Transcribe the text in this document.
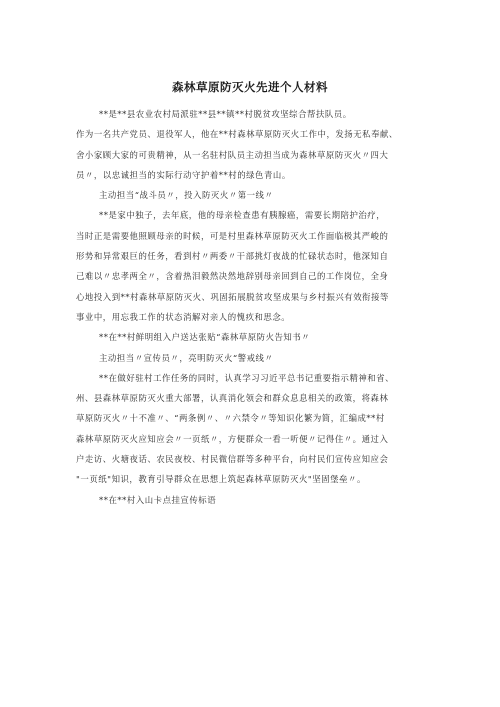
森林草原防灭火先进个人材料

**是**县农业农村局派驻**县**镇**村脱贫攻坚综合帮扶队员。

作为一名共产党员、退役军人，他在**村森林草原防灭火工作中，发扬无私奉献、

舍小家顾大家的可贵精神，从一名驻村队员主动担当成为森林草原防灭火〃四大

员〃，以忠诚担当的实际行动守护着**村的绿色青山。

主动担当“战斗员〃，投入防灭火〃第一线〃

**是家中独子，去年底，他的母亲检查患有胰腺癌，需要长期陪护治疗，

当时正是需要他照顾母亲的时候，可是村里森林草原防灭火工作面临极其严峻的

形势和异常艰巨的任务，看到村〃两委〃干部挑灯夜战的忙碌状态时，他深知自

己难以〃忠孝两全〃，含着热泪毅然决然地辞别母亲回到自己的工作岗位，全身

心地投入到**村森林草原防灭火、巩固拓展脱贫攻坚成果与乡村振兴有效衔接等

事业中，用忘我工作的状态消解对亲人的愧疚和思念。

**在**村鲜明组入户送达张贴“森林草原防火告知书〃

主动担当〃宣传员〃，亮明防灭火“警戒线〃

**在做好驻村工作任务的同时，认真学习习近平总书记重要指示精神和省、

州、县森林草原防灭火重大部署，认真消化领会和群众息息相关的政策，将森林

草原防灭火〃十不准〃、“两条例〃、〃六禁令〃等知识化繁为简，汇编成**村

森林草原防灭火应知应会〃一页纸〃，方便群众一看一听便〃记得住〃。通过入

户走访、火塘夜话、农民夜校、村民微信群等多种平台，向村民们宣传应知应会

"一页纸"知识，教育引导群众在思想上筑起森林草原防灭火"坚固堡垒〃。

**在**村入山卡点挂宣传标语
